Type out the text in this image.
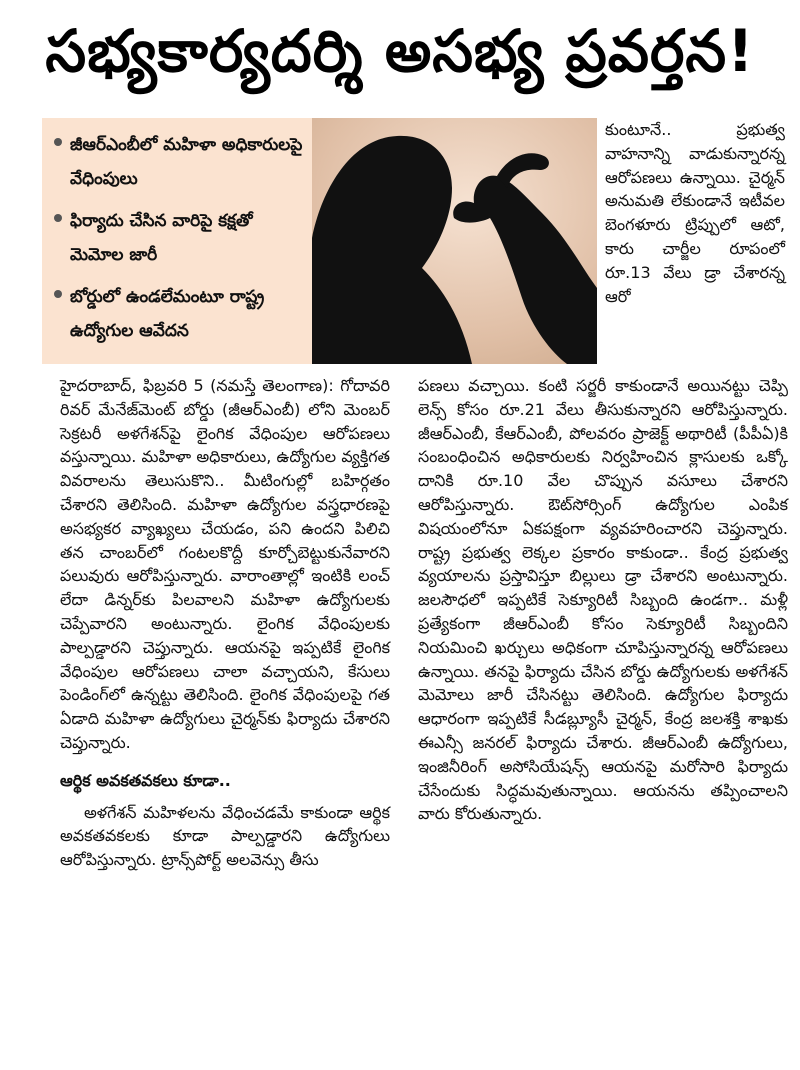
సభ్యకార్యదర్శి అసభ్య ప్రవర్తన!
జీఆర్‌ఎంబీలో మహిళా అధికారులపై వేధింపులు
ఫిర్యాదు చేసిన వారిపై కక్షతో మెమోల జారీ
బోర్డులో ఉండలేమంటూ రాష్ట్ర ఉద్యోగుల ఆవేదన
కుంటూనే.. ప్రభుత్వ వాహనాన్ని వాడుకున్నారన్న ఆరోపణలు ఉన్నాయి. చైర్మన్ అనుమతి లేకుండానే ఇటీవల బెంగళూరు ట్రిప్పులో ఆటో, కారు చార్జీల రూపంలో రూ.13 వేలు డ్రా చేశారన్న ఆరో
హైదరాబాద్, ఫిబ్రవరి 5 (నమస్తే తెలంగాణ): గోదావరి రివర్ మేనేజ్‌మెంట్ బోర్డు (జీఆర్‌ఎంబీ) లోని మెంబర్ సెక్రటరీ అళగేశన్‌పై లైంగిక వేధింపుల ఆరోపణలు వస్తున్నాయి. మహిళా అధికారులు, ఉద్యోగుల వ్యక్తిగత వివరాలను తెలుసుకొని.. మీటింగుల్లో బహిర్గతం చేశారని తెలిసింది. మహిళా ఉద్యోగుల వస్త్రధారణపై అసభ్యకర వ్యాఖ్యలు చేయడం, పని ఉందని పిలిచి తన చాంబర్‌లో గంటలకొద్దీ కూర్చోబెట్టుకునేవారని పలువురు ఆరోపిస్తున్నారు. వారాంతాల్లో ఇంటికి లంచ్ లేదా డిన్నర్‌కు పిలవాలని మహిళా ఉద్యోగులకు చెప్పేవారని అంటున్నారు. లైంగిక వేధింపులకు పాల్పడ్డారని చెప్తున్నారు. ఆయనపై ఇప్పటికే లైంగిక వేధింపుల ఆరోపణలు చాలా వచ్చాయని, కేసులు పెండింగ్‌లో ఉన్నట్టు తెలిసింది. లైంగిక వేధింపులపై గత ఏడాది మహిళా ఉద్యోగులు చైర్మన్‌కు ఫిర్యాదు చేశారని చెప్తున్నారు.
ఆర్థిక అవకతవకలు కూడా..
అళగేశన్ మహిళలను వేధించడమే కాకుండా ఆర్థిక అవకతవకలకు కూడా పాల్పడ్డారని ఉద్యోగులు ఆరోపిస్తున్నారు. ట్రాన్స్‌పోర్ట్ అలవెన్సు తీసు
పణలు వచ్చాయి. కంటి సర్జరీ కాకుండానే అయినట్టు చెప్పి లెన్స్ కోసం రూ.21 వేలు తీసుకున్నారని ఆరోపిస్తున్నారు. జీఆర్‌ఎంబీ, కేఆర్‌ఎంబీ, పోలవరం ప్రాజెక్ట్ అథారిటీ (పీపీఏ)కి సంబంధించిన అధికారులకు నిర్వహించిన క్లాసులకు ఒక్కో దానికి రూ.10 వేల చొప్పున వసూలు చేశారని ఆరోపిస్తున్నారు. ఔట్‌సోర్సింగ్ ఉద్యోగుల ఎంపిక విషయంలోనూ ఏకపక్షంగా వ్యవహరించారని చెప్తున్నారు. రాష్ట్ర ప్రభుత్వ లెక్కల ప్రకారం కాకుండా.. కేంద్ర ప్రభుత్వ వ్యయాలను ప్రస్తావిస్తూ బిల్లులు డ్రా చేశారని అంటున్నారు. జలసౌధలో ఇప్పటికే సెక్యూరిటీ సిబ్బంది ఉండగా.. మళ్లీ ప్రత్యేకంగా జీఆర్‌ఎంబీ కోసం సెక్యూరిటీ సిబ్బందిని నియమించి ఖర్చులు అధికంగా చూపిస్తున్నారన్న ఆరోపణలు ఉన్నాయి. తనపై ఫిర్యాదు చేసిన బోర్డు ఉద్యోగులకు అళగేశన్ మెమోలు జారీ చేసినట్టు తెలిసింది. ఉద్యోగుల ఫిర్యాదు ఆధారంగా ఇప్పటికే సీడబ్ల్యూసీ చైర్మన్, కేంద్ర జలశక్తి శాఖకు ఈఎన్సీ జనరల్ ఫిర్యాదు చేశారు. జీఆర్‌ఎంబీ ఉద్యోగులు, ఇంజినీరింగ్ అసోసియేషన్స్ ఆయనపై మరోసారి ఫిర్యాదు చేసేందుకు సిద్ధమవుతున్నాయి. ఆయనను తప్పించాలని వారు కోరుతున్నారు.
